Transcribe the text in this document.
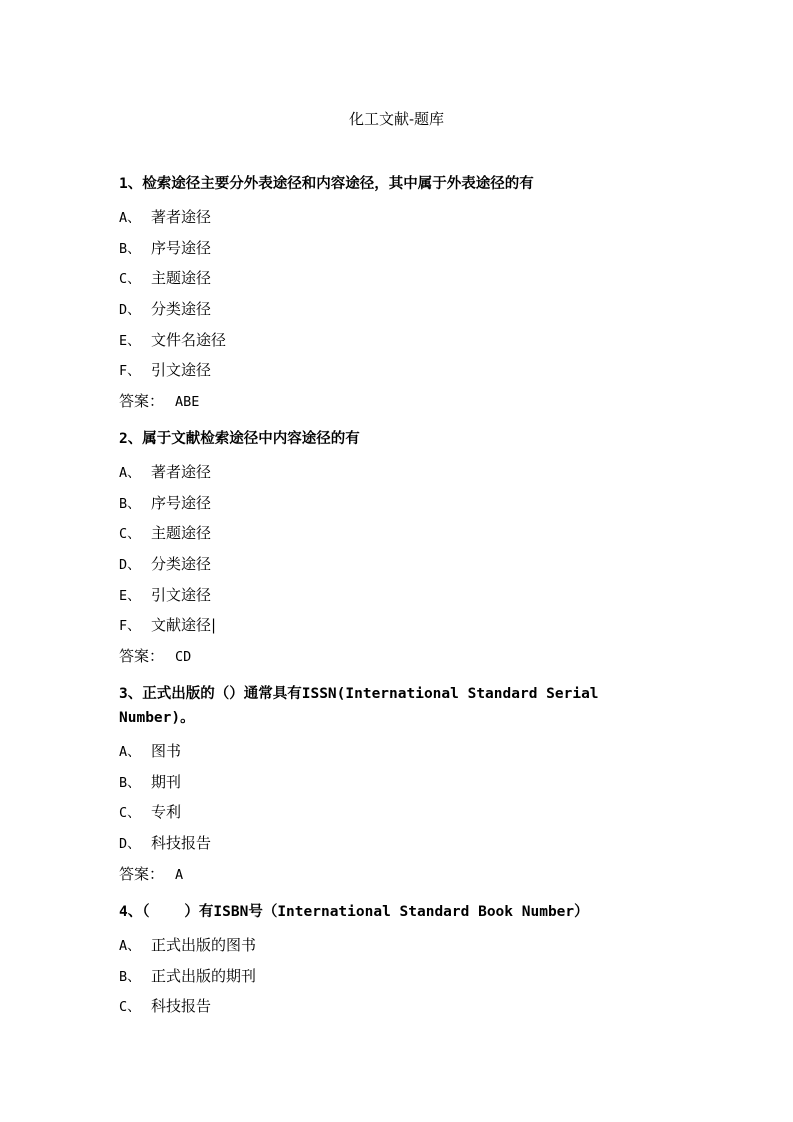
化工文献-题库
1、检索途径主要分外表途径和内容途径，其中属于外表途径的有
A、 著者途径
B、 序号途径
C、 主题途径
D、 分类途径
E、 文件名途径
F、 引文途径
答案： ABE
2、属于文献检索途径中内容途径的有
A、 著者途径
B、 序号途径
C、 主题途径
D、 分类途径
E、 引文途径
F、 文献途径|
答案： CD
3、正式出版的（）通常具有ISSN(International Standard Serial Number)。
A、 图书
B、 期刊
C、 专利
D、 科技报告
答案： A
4、（    ）有ISBN号（International Standard Book Number）
A、 正式出版的图书
B、 正式出版的期刊
C、 科技报告
